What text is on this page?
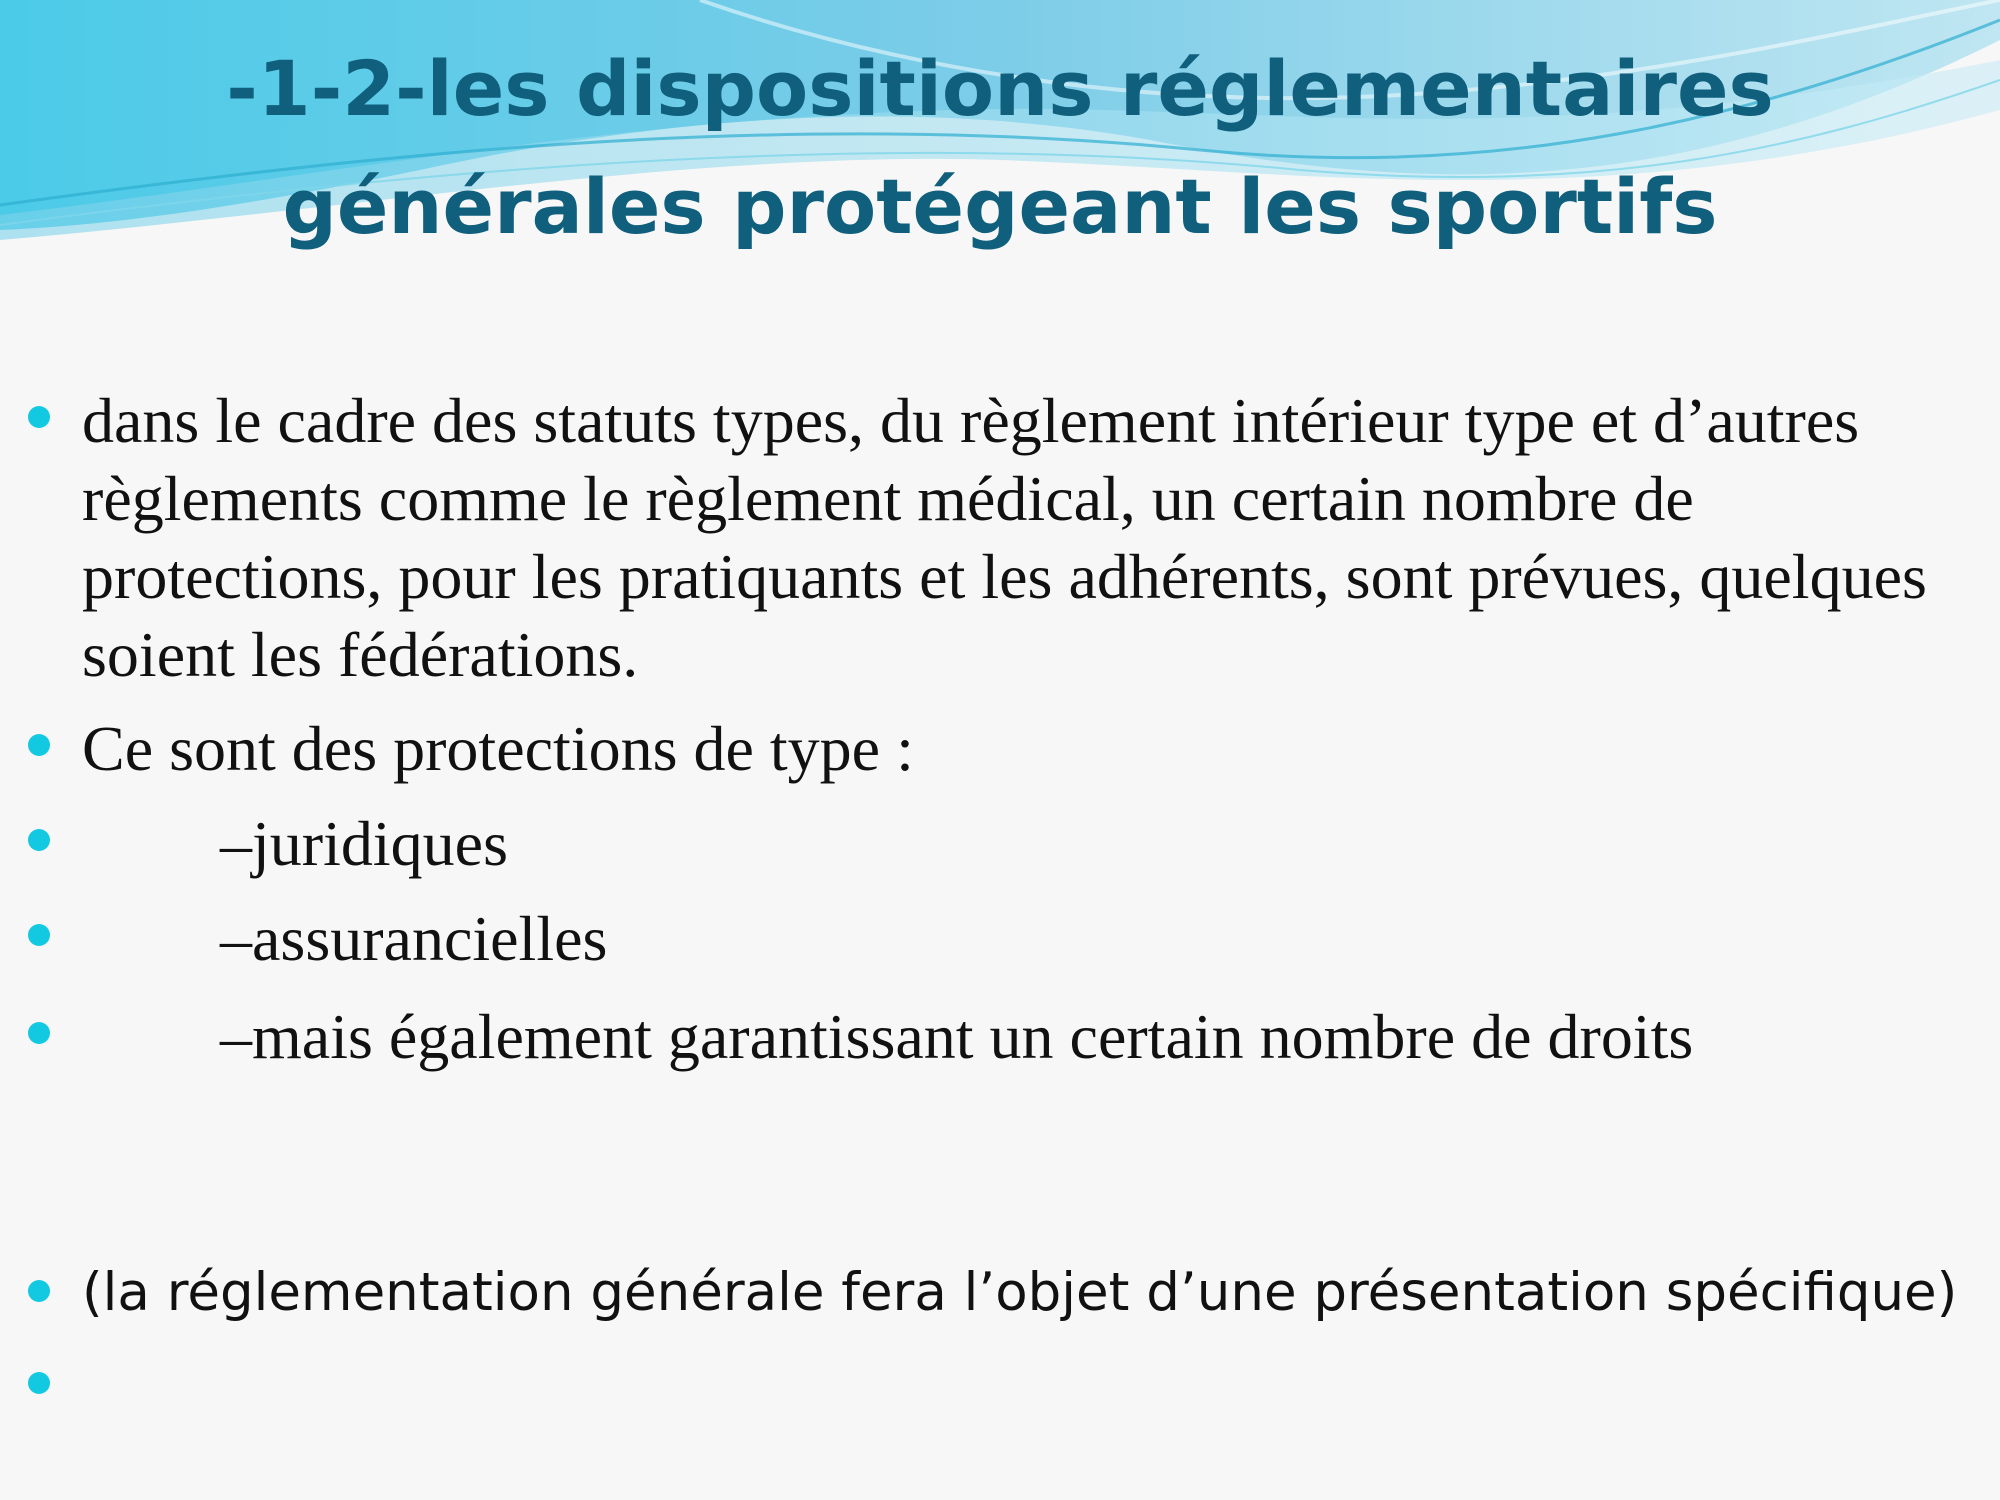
-1-2-les dispositions réglementaires
générales protégeant les sportifs

dans le cadre des statuts types, du règlement intérieur type et d’autres règlements comme le règlement médical, un certain nombre de protections, pour les pratiquants et les adhérents, sont prévues, quelques soient les fédérations.

Ce sont des protections de type :

–juridiques

–assurancielles

–mais également garantissant un certain nombre de droits

(la réglementation générale fera l’objet d’une présentation spécifique)
